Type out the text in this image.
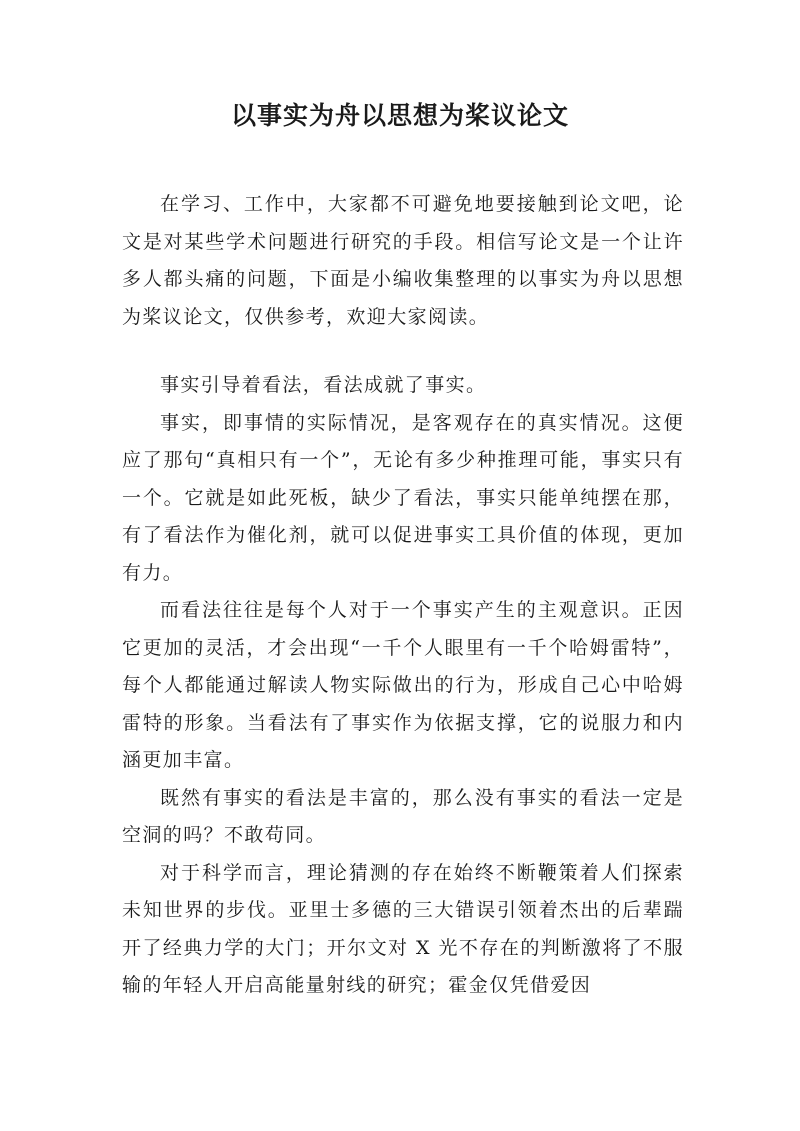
以事实为舟以思想为桨议论文

在学习、工作中，大家都不可避免地要接触到论文吧，论文是对某些学术问题进行研究的手段。相信写论文是一个让许多人都头痛的问题，下面是小编收集整理的以事实为舟以思想为桨议论文，仅供参考，欢迎大家阅读。

事实引导着看法，看法成就了事实。

事实，即事情的实际情况，是客观存在的真实情况。这便应了那句“真相只有一个”，无论有多少种推理可能，事实只有一个。它就是如此死板，缺少了看法，事实只能单纯摆在那，有了看法作为催化剂，就可以促进事实工具价值的体现，更加有力。

而看法往往是每个人对于一个事实产生的主观意识。正因它更加的灵活，才会出现“一千个人眼里有一千个哈姆雷特”，每个人都能通过解读人物实际做出的行为，形成自己心中哈姆雷特的形象。当看法有了事实作为依据支撑，它的说服力和内涵更加丰富。

既然有事实的看法是丰富的，那么没有事实的看法一定是空洞的吗？不敢苟同。

对于科学而言，理论猜测的存在始终不断鞭策着人们探索未知世界的步伐。亚里士多德的三大错误引领着杰出的后辈踹开了经典力学的大门；开尔文对 X 光不存在的判断激将了不服输的年轻人开启高能量射线的研究；霍金仅凭借爱因
